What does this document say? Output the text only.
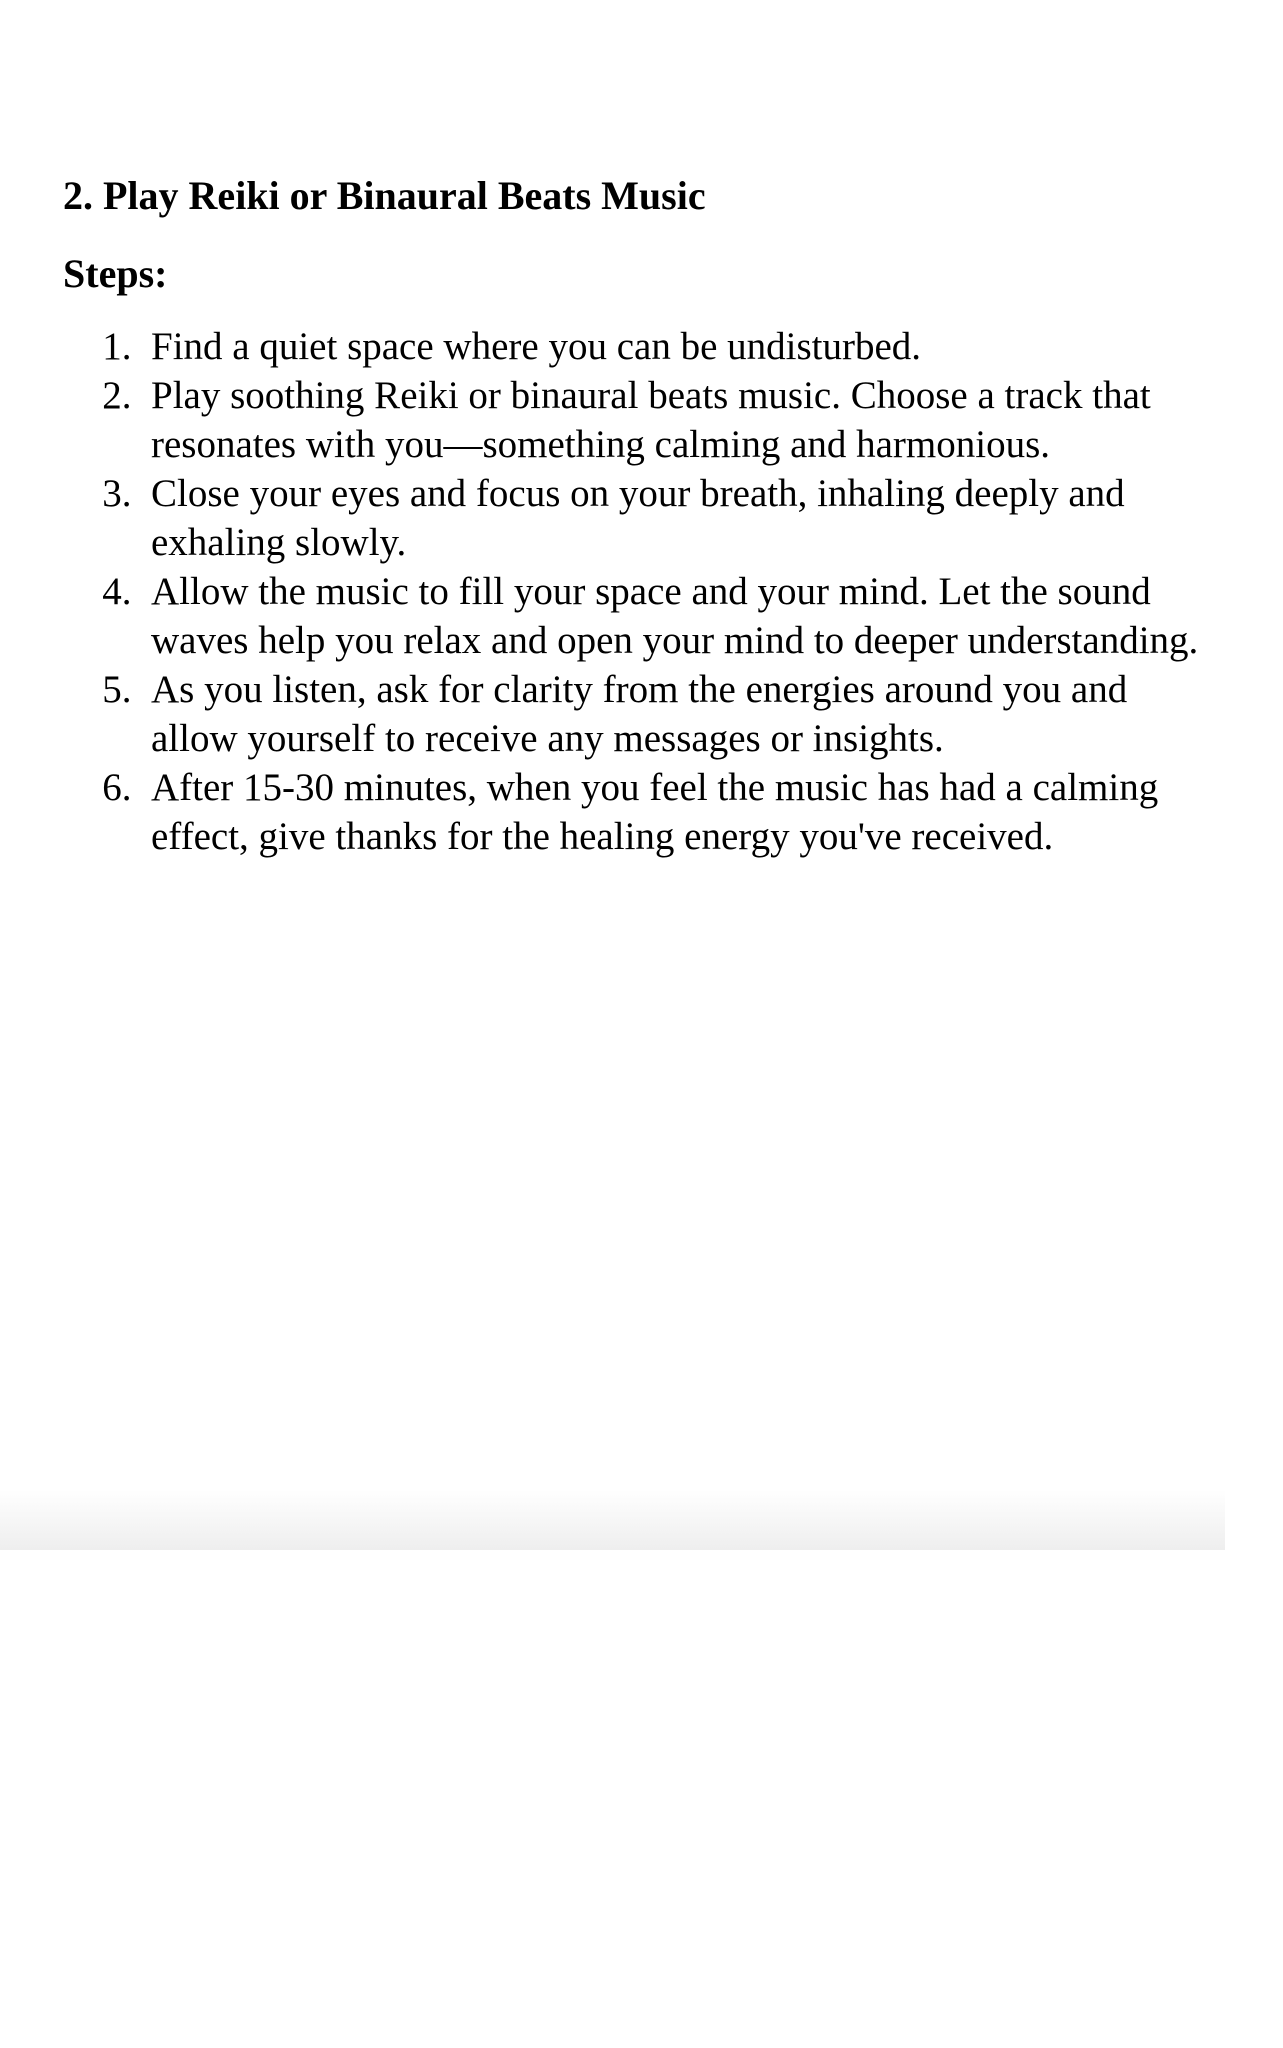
2. Play Reiki or Binaural Beats Music
Steps:
1. Find a quiet space where you can be undisturbed.
2. Play soothing Reiki or binaural beats music. Choose a track that resonates with you—something calming and harmonious.
3. Close your eyes and focus on your breath, inhaling deeply and exhaling slowly.
4. Allow the music to fill your space and your mind. Let the sound waves help you relax and open your mind to deeper understanding.
5. As you listen, ask for clarity from the energies around you and allow yourself to receive any messages or insights.
6. After 15-30 minutes, when you feel the music has had a calming effect, give thanks for the healing energy you've received.
